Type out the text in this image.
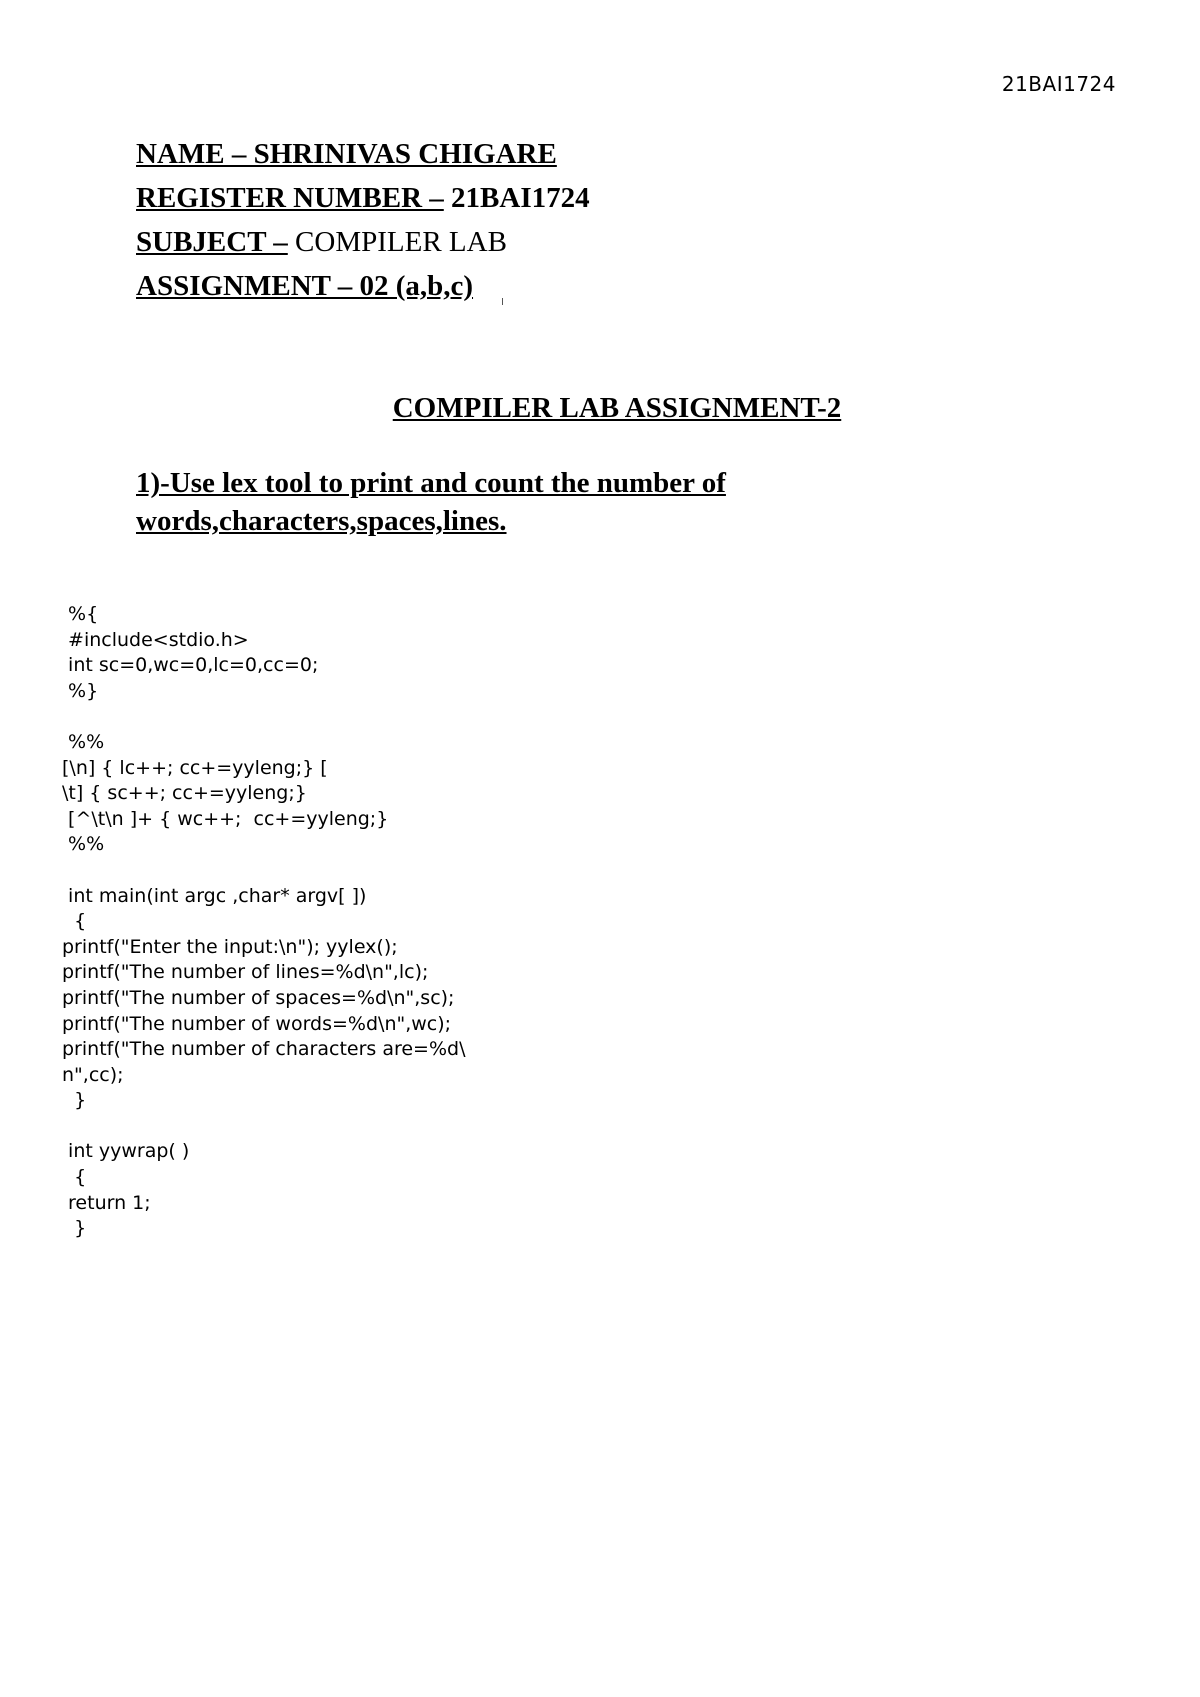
21BAI1724
NAME – SHRINIVAS CHIGARE
REGISTER NUMBER – 21BAI1724
SUBJECT – COMPILER LAB
ASSIGNMENT – 02 (a,b,c)
COMPILER LAB ASSIGNMENT-2
1)-Use lex tool to print and count the number of words,characters,spaces,lines.
%{
#include<stdio.h>
int sc=0,wc=0,lc=0,cc=0;
%}
%%
[\n] { lc++; cc+=yyleng;} [
\t] { sc++; cc+=yyleng;}
[^\t\n ]+ { wc++;  cc+=yyleng;}
%%
int main(int argc ,char* argv[ ])
{
printf("Enter the input:\n"); yylex();
printf("The number of lines=%d\n",lc);
printf("The number of spaces=%d\n",sc);
printf("The number of words=%d\n",wc);
printf("The number of characters are=%d\
n",cc);
}
int yywrap( )
{
return 1;
}
